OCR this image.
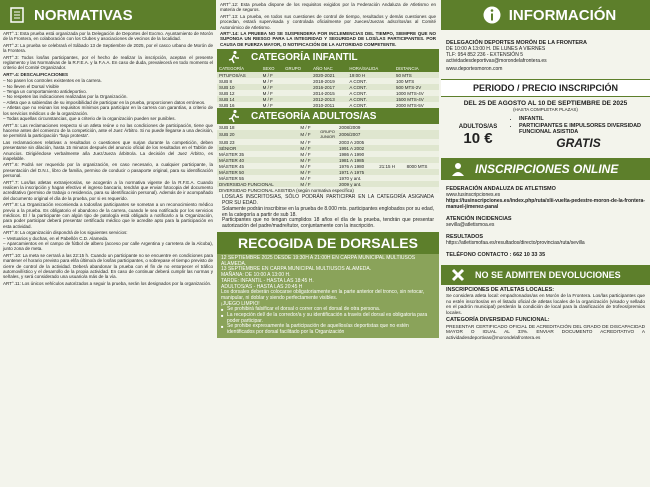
NORMATIVAS

ART°.1: Esta prueba está organizada por la Delegación de Deportes del Excmo. Ayuntamiento de Morón de la Frontera, en colaboración con los Clubes y asociaciones de vecinos de la localidad.

ART°.2: La prueba se celebrará el Sábado 13 de Septiembre de 2025, por el casco urbano de Morón de la Frontera.

ART°.3: Todos los/las participantes, por el hecho de realizar la inscripción, aceptan el presente reglamento y las Normativas de la R.F.E.A. y la F.A.A. En caso de duda, prevalecerá en todo momento el criterio del Comité Organizador.

ART°.4: DESCALIFICACIONES

– No pasen los controles existentes en la carrera.

– No lleven el Dorsal Visible

– Tenga un comportamiento antideportivo.

– No respeten las indicaciones realizadas por la Organización.

– Atleta que a sabiendas de su imposibilidad de participar en la prueba, proporcionen datos erróneos.

– Atletas que no reúnan los requisitos mínimos para participar en la carrera con garantías, a criterio de los servicios médicos o de la organización.

– Todas aquellas circunstancias, que a criterio de la organización pueden ser punibles.

ART°.5: Las reclamaciones respecto si un atleta reúne o no las condiciones de participación, tiene que hacerse antes del comienzo de la competición, ante el Juez Árbitro. Si no puede llegarse a una decisión, se permitirá la participación "bajo protesta".

Las reclamaciones relativas a resultados o cuestiones que surjan durante la competición, deben presentarse sin dilación, hasta 15 minutos después del anuncio oficial de los resultados en el Tablón de Anuncios. Dirigiéndose verbalmente a/la Juez/Jueza árbitro/a. La decisión del Juez Árbitro, es inapelable.

ART°.6: Podrá ser requerido por la organización, en caso necesario, a cualquier participante, la presentación del D.N.I., libro de familia, permiso de conducir o pasaporte original, para su identificación personal.

ART°.7: Los/las atletas extranjeros/as, se acogerán a la normativa vigente de la R.F.E.A. Cuando realicen la inscripción y hagan efectivo el ingreso bancario, tendrán que enviar fotocopia del documento acreditativo (permiso de trabajo o residencia, para su identificación personal). Además de ir acompañado del documento original el día de la prueba, por si es requerido.

ART°.8: La Organización recomienda a todos/las participantes se sometan a un reconocimiento médico previo a la prueba. Es obligatorio el abandono de la carrera, cuando le sea notificado por los servicios médicos. El / la participante con algún tipo de patología está obligado a notificarlo a la Organización, para poder participar deberá presentar certificado médico que le acredite apto para la participación en esta actividad.

ART°.9: La organización dispondrá de los siguientes servicios:

– Vestuarios y duchas, en el Pabellón C.D. Alameda.

– Aparcamientos en el campo de fútbol de albero (acceso por calle Argentina y carretera de la Alcoba), junto zona de meta.

ART°.10: La meta se cerrará a las 22:15 h. Cuando un participante no se encuentre en condiciones para mantener el horario previsto para el/la último/a de los/las participantes, o sobrepase el tiempo previsto de cierre de control de la actividad. Deberá abandonar la prueba con el fin de no entorpecer el tráfico automovilístico y el desarrollo de la propia actividad. En caso de continuar deberá cumplir las normas y señales, y será considerado una usuario/a más de la vía.

ART°.11: Los únicos vehículos autorizados a seguir la prueba, serán los designados por la organización.

ART°.12: Esta prueba dispone de los requisitos exigidos por la Federación Andaluza de Atletismo en materia de seguros.

ART°.13: La prueba, en todos sus cuestiones de control de tiempo, resultados y demás cuestiones que procedan, estará supervisada y controlada oficialmente por Jueces/Juezas adscritos/as al Comité Autonómico de Atletismo.

ART°.14: LA PRUEBA NO SE SUSPENDERA POR INCLEMENCIAS DEL TIEMPO, SIEMPRE QUE NO SUPONGA UN RIESGO PARA LA INTEGRIDAD Y SEGURIDAD DE LOS/LAS PARTICIPANTES. POR CAUSA DE FUERZA MAYOR, O NOTIFICACIÓN DE LA AUTORIDAD COMPETENTE.

CATEGORÍA INFANTIL
CATEGORÍA	SEXO	GRUPO	AÑO NAC	HORA/SALIDA	DISTANCIA
PITUFOS/AS	M / F		2020-2021	19:00 H	50 MTS
SUB 8	M / F		2018-2019	A CONT.	100 MTS
SUB 10	M / F		2016-2017	A CONT.	500 MTS-2V
SUB 12	M / F		2014-2015	A CONT.	1000 MTS-4V
SUB 14	M / F		2012-2013	A CONT.	1500 MTS-4V
SUB 16	M / F		2010-2011	A CONT.	2000 MTS-5V
CATEGORÍA ADULTOS/AS
SUB 18	M / F		2008/2009		
SUB 20	M / F	GRUPO JUNIOR	2006/2007		
SUB 23	M / F		2003 A 2005		
SÉNIOR	M / F		1991 A 2002		
MÁSTER 35	M / F		1986 A 1990		
MÁSTER 40	M / F		1981 A 1985		
MÁSTER 45	M / F		1976 A 1980	21:15 H	8000 MTS
MÁSTER 50	M / F		1971 A 1975		
MÁSTER 55	M / F		1970 y ant.		
DIVERSIDAD FUNCIONAL	M / F		2009 y ant.		
DIVERSIDAD FUNCIONAL ASISTIDA (según normativa específica)					

LOS/LAS INSCRITOS/AS, SÓLO PODRÁN PARTICIPAR EN LA CATEGORÍA ASIGNADA POR SU EDAD.

Solamente podrán inscribirse en la prueba de 8.000 mts. participantes englobados por su edad, en la categoría a partir de sub 18.

Participantes que no tengan cumplidos 18 años el día de la prueba, tendrán que presentar autorización del padre/madre/tutor, conjuntamente con la inscripción.

RECOGIDA DE DORSALES

12 SEPTIEMBRE 2025 DESDE 19:30H A 21:00H EN CARPA MUNICIPAL MULTIUSOS ALAMEDA.

13 SEPTIEMBRE EN CARPA MUNICIPAL MULTIUSOS ALAMEDA.

MAÑANA: DE 10:00 A 13:00 H.

TARDE: INFANTIL - HASTA LAS 18:45 H.

ADULTOS/AS - HASTA LAS 20:45 H

Los dorsales deberán colocarse obligatoriamente en la parte anterior del tronco, sin retocar, manipular, ni doblar y siendo perfectamente visibles.

¡JUEGO LIMPIO!

■ Se prohibirá falsificar el dorsal o correr con el dorsal de otra persona.

■ La recepción del/ de la corredor/a y su identificación a través del dorsal es obligatoria para poder participar.

■ Se prohibe expresamente la participación de aquellos/as deportistas que no estén identificados por dorsal facilitado por la Organización

INFORMACIÓN
DELEGACIÓN DEPORTES MORÓN DE LA FRONTERA
DE 10:00 A 13:00 H. DE LUNES A VIERNES
TLF: 954 852 236 - EXTENSIÓN 5
actividadesdeportivas@morondelafrontera.es
www.deportesmoron.com
PERIODO / PRECIO INSCRIPCIÓN
DEL 25 DE AGOSTO AL 10 DE SEPTIEMBRE DE 2025
(HASTA COMPLETAR PLAZAS)
ADULTOS/AS
10 €
• INFANTIL
• PARTICIPANTES E IMPULSORES DIVERSIDAD FUNCIONAL ASISTIDA
GRATIS
INSCRIPCIONES ONLINE
FEDERACIÓN ANDALUZA DE ATLETISMO
www.tusinscripciones.es
https://tusinscripciones.es/index.php/ruta/xlii-vuelta-pedestre-moron-de-la-frontera-manuel-jimenez-panal
ATENCIÓN INCIDENCIAS
sevilla@atletismoa.es
RESULTADOS
https://atletismofaa.es/resultados/directo/provincias/ruta/sevilla
TELÉFONO CONTACTO : 662 10 33 35
NO SE ADMITEN DEVOLUCIONES
INSCRIPCIONES DE ATLETAS LOCALES:
Se considera atleta local: empadronados/as en Morón de la Frontera. Los/las participantes que no estén inscritos/as en el listado oficial de atletas locales de la organización (visado y sellado en el padrón municipal) perderán la condición de local para la clasificación de trofeos/premios locales.
CATEGORÍA DIVERSIDAD FUNCIONAL:
PRESENTAR CERTIFICADO OFICIAL DE ACREDITACIÓN DEL GRADO DE DISCAPACIDAD MAYOR O IGUAL AL 33%. ENVIAR DOCUMENTO ACREDITATIVO A actividadesdeportivas@morondelafrontera.es
